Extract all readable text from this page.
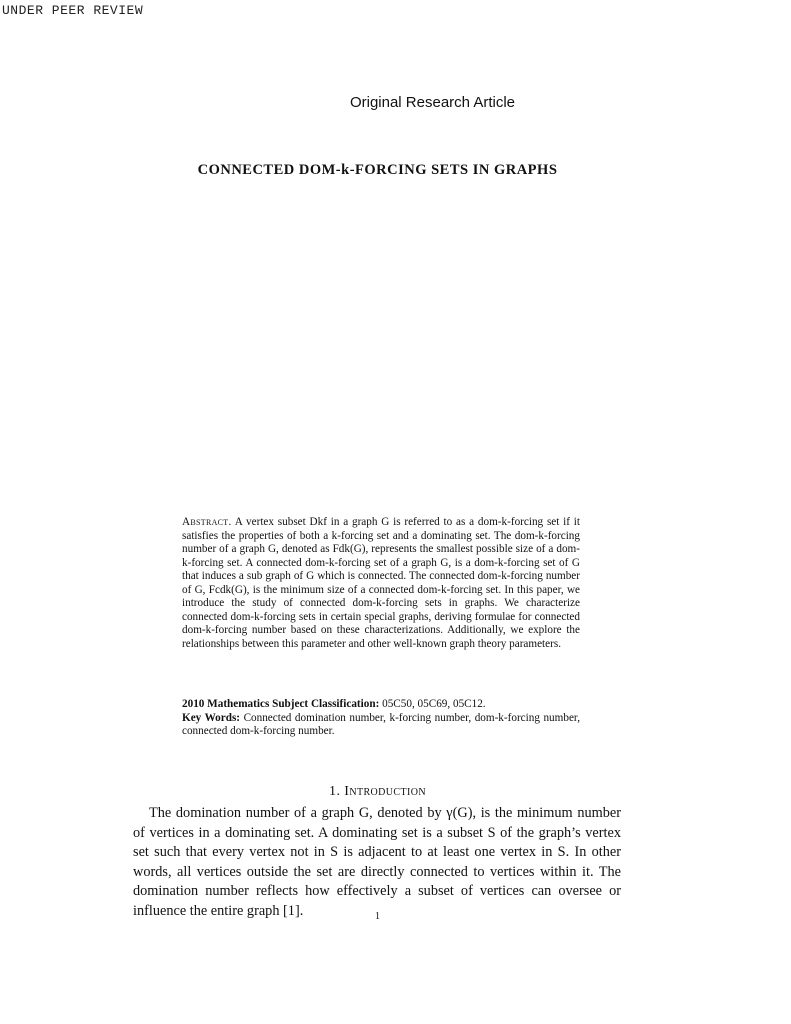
UNDER PEER REVIEW
Original Research Article
CONNECTED DOM-k-FORCING SETS IN GRAPHS
Abstract. A vertex subset Dkf in a graph G is referred to as a dom-k-forcing set if it satisfies the properties of both a k-forcing set and a dominating set. The dom-k-forcing number of a graph G, denoted as Fdk(G), represents the smallest possible size of a dom-k-forcing set. A connected dom-k-forcing set of a graph G, is a dom-k-forcing set of G that induces a sub graph of G which is connected. The connected dom-k-forcing number of G, Fcdk(G), is the minimum size of a connected dom-k-forcing set. In this paper, we introduce the study of connected dom-k-forcing sets in graphs. We characterize connected dom-k-forcing sets in certain special graphs, deriving formulae for connected dom-k-forcing number based on these characterizations. Additionally, we explore the relationships between this parameter and other well-known graph theory parameters.
2010 Mathematics Subject Classification: 05C50, 05C69, 05C12.
Key Words: Connected domination number, k-forcing number, dom-k-forcing number, connected dom-k-forcing number.
1. Introduction
The domination number of a graph G, denoted by γ(G), is the minimum number of vertices in a dominating set. A dominating set is a subset S of the graph’s vertex set such that every vertex not in S is adjacent to at least one vertex in S. In other words, all vertices outside the set are directly connected to vertices within it. The domination number reflects how effectively a subset of vertices can oversee or influence the entire graph [1].	1
